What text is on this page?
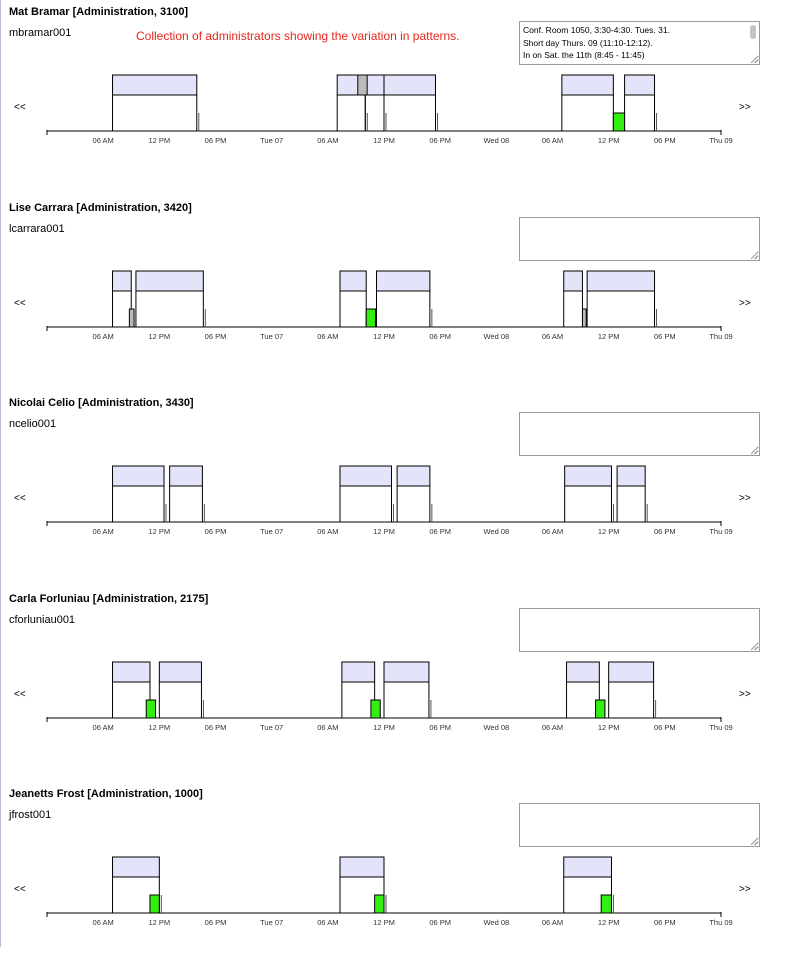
Mat Bramar [Administration, 3100]
mbramar001	Collection of administrators showing the variation in patterns.
Conf. Room 1050, 3:30-4:30. Tues. 31. Short day Thurs. 09 (11:10-12:12). In on Sat. the 11th (8:45 - 11:45)
06 AM	12 PM	06 PM	Tue 07	06 AM	12 PM	06 PM	Wed 08	06 AM	12 PM	06 PM	Thu 09
<<	>>
Lise Carrara [Administration, 3420]
lcarrara001
06 AM	12 PM	06 PM	Tue 07	06 AM	12 PM	06 PM	Wed 08	06 AM	12 PM	06 PM	Thu 09
<<	>>
Nicolai Celio [Administration, 3430]
ncelio001
06 AM	12 PM	06 PM	Tue 07	06 AM	12 PM	06 PM	Wed 08	06 AM	12 PM	06 PM	Thu 09
<<	>>
Carla Forluniau [Administration, 2175]
cforluniau001
06 AM	12 PM	06 PM	Tue 07	06 AM	12 PM	06 PM	Wed 08	06 AM	12 PM	06 PM	Thu 09
<<	>>
Jeanetts Frost [Administration, 1000]
jfrost001
06 AM	12 PM	06 PM	Tue 07	06 AM	12 PM	06 PM	Wed 08	06 AM	12 PM	06 PM	Thu 09
<<	>>
